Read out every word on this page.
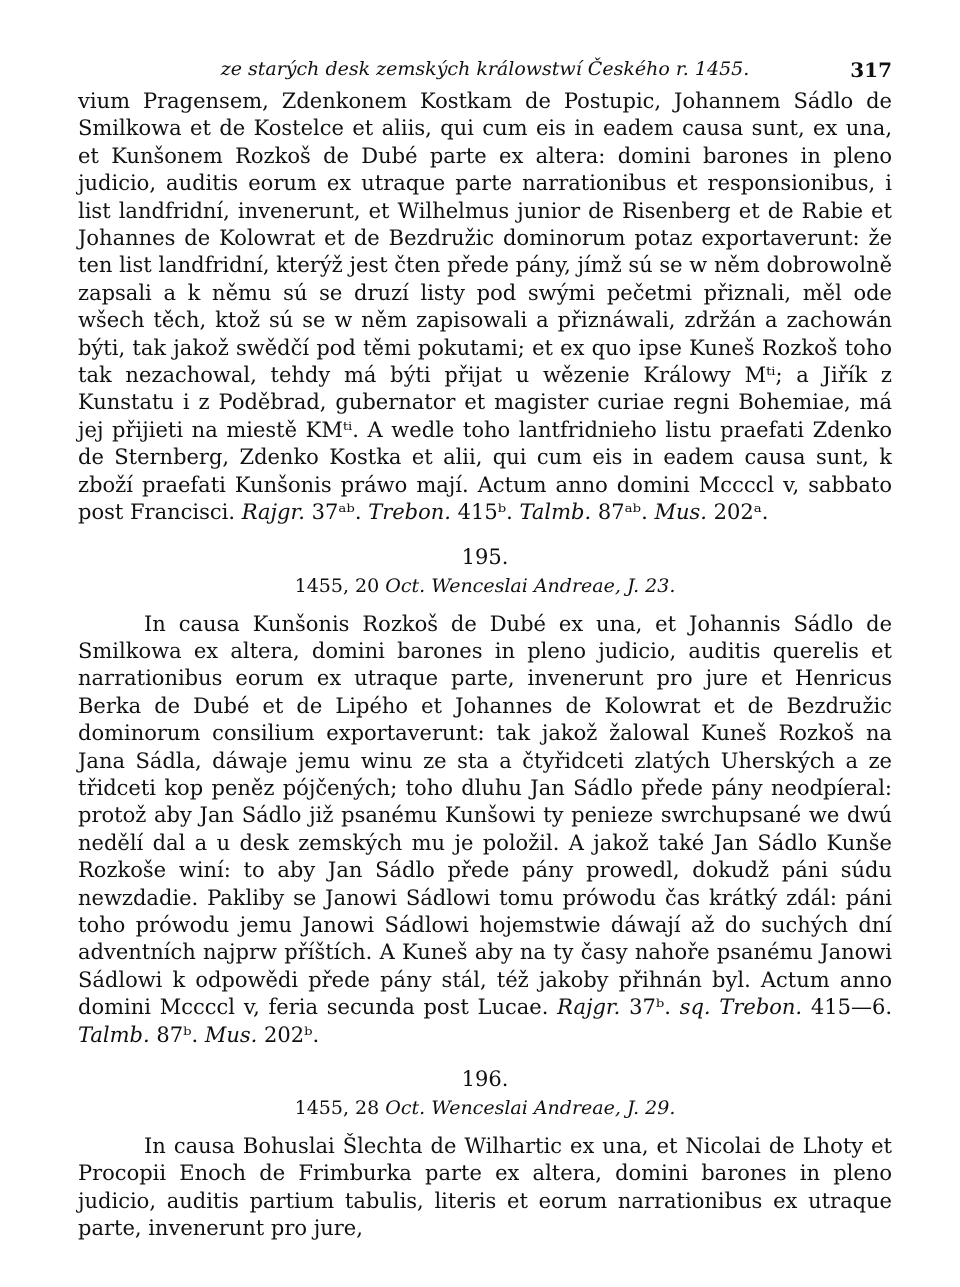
ze starých desk zemských králowstwí Českého r. 1455.	317

vium Pragensem, Zdenkonem Kostkam de Postupic, Johannem Sádlo de Smilkowa et de Kostelce et aliis, qui cum eis in eadem causa sunt, ex una, et Kunšonem Rozkoš de Dubé parte ex altera: domini barones in pleno judicio, auditis eorum ex utraque parte narrationibus et responsionibus, i list landfridní, invenerunt, et Wilhelmus junior de Risenberg et de Rabie et Johannes de Kolowrat et de Bezdružic dominorum potaz exportaverunt: že ten list landfridní, kterýž jest čten přede pány, jímž sú se w něm dobrowolně zapsali a k němu sú se druzí listy pod swými pečetmi přiznali, měl ode wšech těch, ktož sú se w něm zapisowali a přiznáwali, zdržán a zachowán býti, tak jakož swědčí pod těmi pokutami; et ex quo ipse Kuneš Rozkoš toho tak nezachowal, tehdy má býti přijat u wězenie Králowy Mᵗⁱ; a Jiřík z Kunstatu i z Poděbrad, gubernator et magister curiae regni Bohemiae, má jej přijieti na miestě KMᵗⁱ. A wedle toho lantfridnieho listu praefati Zdenko de Sternberg, Zdenko Kostka et alii, qui cum eis in eadem causa sunt, k zboží praefati Kunšonis práwo mají. Actum anno domini Mccccl v, sabbato post Francisci. Rajgr. 37ᵃᵇ. Trebon. 415ᵇ. Talmb. 87ᵃᵇ. Mus. 202ᵃ.

195.
1455, 20 Oct. Wenceslai Andreae, J. 23.

In causa Kunšonis Rozkoš de Dubé ex una, et Johannis Sádlo de Smilkowa ex altera, domini barones in pleno judicio, auditis querelis et narrationibus eorum ex utraque parte, invenerunt pro jure et Henricus Berka de Dubé et de Lipého et Johannes de Kolowrat et de Bezdružic dominorum consilium exportaverunt: tak jakož žalowal Kuneš Rozkoš na Jana Sádla, dáwaje jemu winu ze sta a čtyřidceti zlatých Uherských a ze třidceti kop peněz pójčených; toho dluhu Jan Sádlo přede pány neodpíeral: protož aby Jan Sádlo již psanému Kunšowi ty penieze swrchupsané we dwú nedělí dal a u desk zemských mu je položil. A jakož také Jan Sádlo Kunše Rozkoše winí: to aby Jan Sádlo přede pány prowedl, dokudž páni súdu newzdadie. Pakliby se Janowi Sádlowi tomu prówodu čas krátký zdál: páni toho prówodu jemu Janowi Sádlowi hojemstwie dáwají až do suchých dní adventních najprw příštích. A Kuneš aby na ty časy nahoře psanému Janowi Sádlowi k odpowědi přede pány stál, též jakoby přihnán byl. Actum anno domini Mccccl v, feria secunda post Lucae. Rajgr. 37ᵇ. sq. Trebon. 415—6. Talmb. 87ᵇ. Mus. 202ᵇ.

196.
1455, 28 Oct. Wenceslai Andreae, J. 29.

In causa Bohuslai Šlechta de Wilhartic ex una, et Nicolai de Lhoty et Procopii Enoch de Frimburka parte ex altera, domini barones in pleno judicio, auditis partium tabulis, literis et eorum narrationibus ex utraque parte, invenerunt pro jure,
